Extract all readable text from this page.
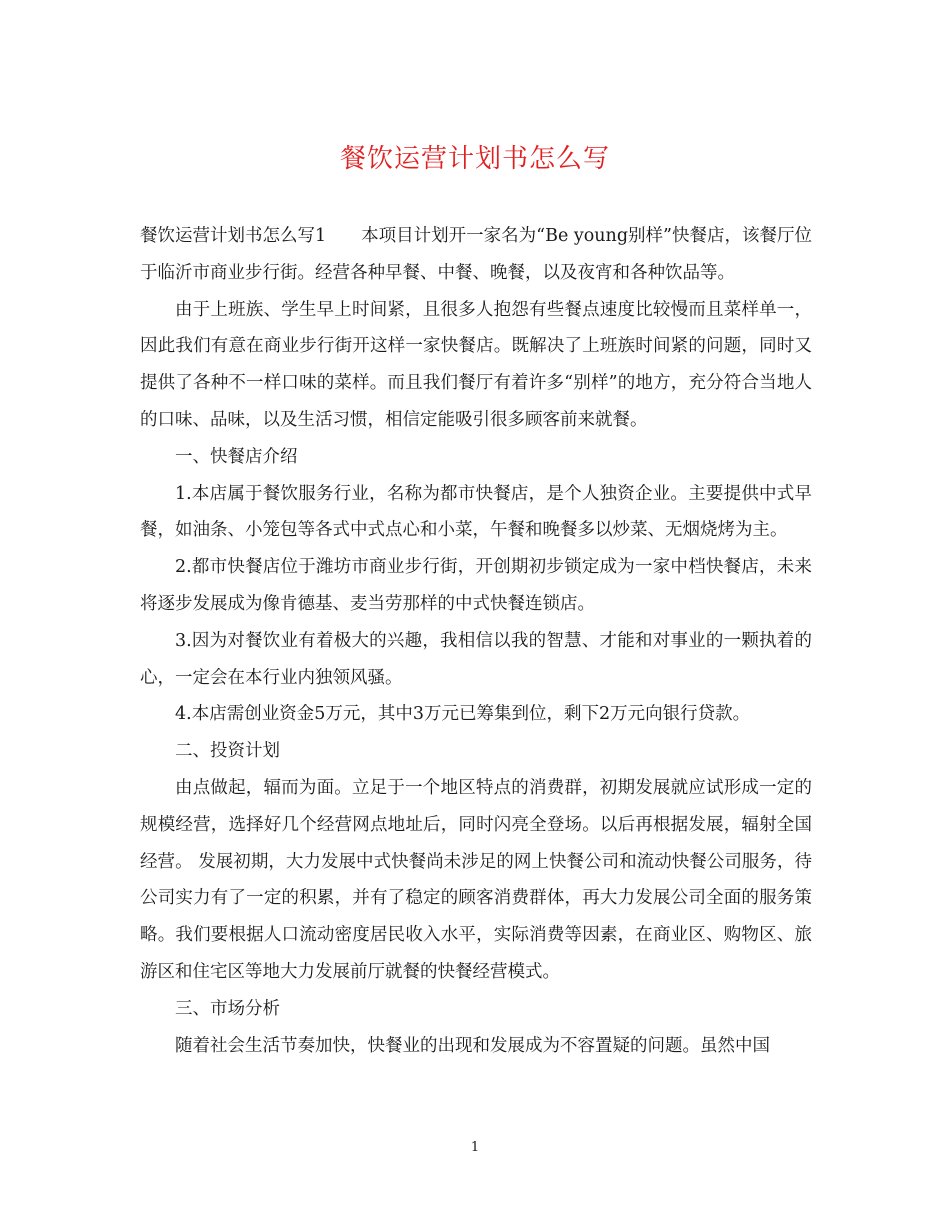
餐饮运营计划书怎么写

餐饮运营计划书怎么写1　　本项目计划开一家名为“Be young别样”快餐店，该餐厅位于临沂市商业步行街。经营各种早餐、中餐、晚餐，以及夜宵和各种饮品等。

由于上班族、学生早上时间紧，且很多人抱怨有些餐点速度比较慢而且菜样单一，因此我们有意在商业步行街开这样一家快餐店。既解决了上班族时间紧的问题，同时又提供了各种不一样口味的菜样。而且我们餐厅有着许多“别样”的地方，充分符合当地人的口味、品味，以及生活习惯，相信定能吸引很多顾客前来就餐。

一、快餐店介绍

1.本店属于餐饮服务行业，名称为都市快餐店，是个人独资企业。主要提供中式早餐，如油条、小笼包等各式中式点心和小菜，午餐和晚餐多以炒菜、无烟烧烤为主。

2.都市快餐店位于潍坊市商业步行街，开创期初步锁定成为一家中档快餐店，未来将逐步发展成为像肯德基、麦当劳那样的中式快餐连锁店。

3.因为对餐饮业有着极大的兴趣，我相信以我的智慧、才能和对事业的一颗执着的心，一定会在本行业内独领风骚。

4.本店需创业资金5万元，其中3万元已筹集到位，剩下2万元向银行贷款。

二、投资计划

由点做起，辐而为面。立足于一个地区特点的消费群，初期发展就应试形成一定的规模经营，选择好几个经营网点地址后，同时闪亮全登场。以后再根据发展，辐射全国经营。 发展初期，大力发展中式快餐尚未涉足的网上快餐公司和流动快餐公司服务，待公司实力有了一定的积累，并有了稳定的顾客消费群体，再大力发展公司全面的服务策略。我们要根据人口流动密度居民收入水平，实际消费等因素，在商业区、购物区、旅游区和住宅区等地大力发展前厅就餐的快餐经营模式。

三、市场分析

随着社会生活节奏加快，快餐业的出现和发展成为不容置疑的问题。虽然中国

1
